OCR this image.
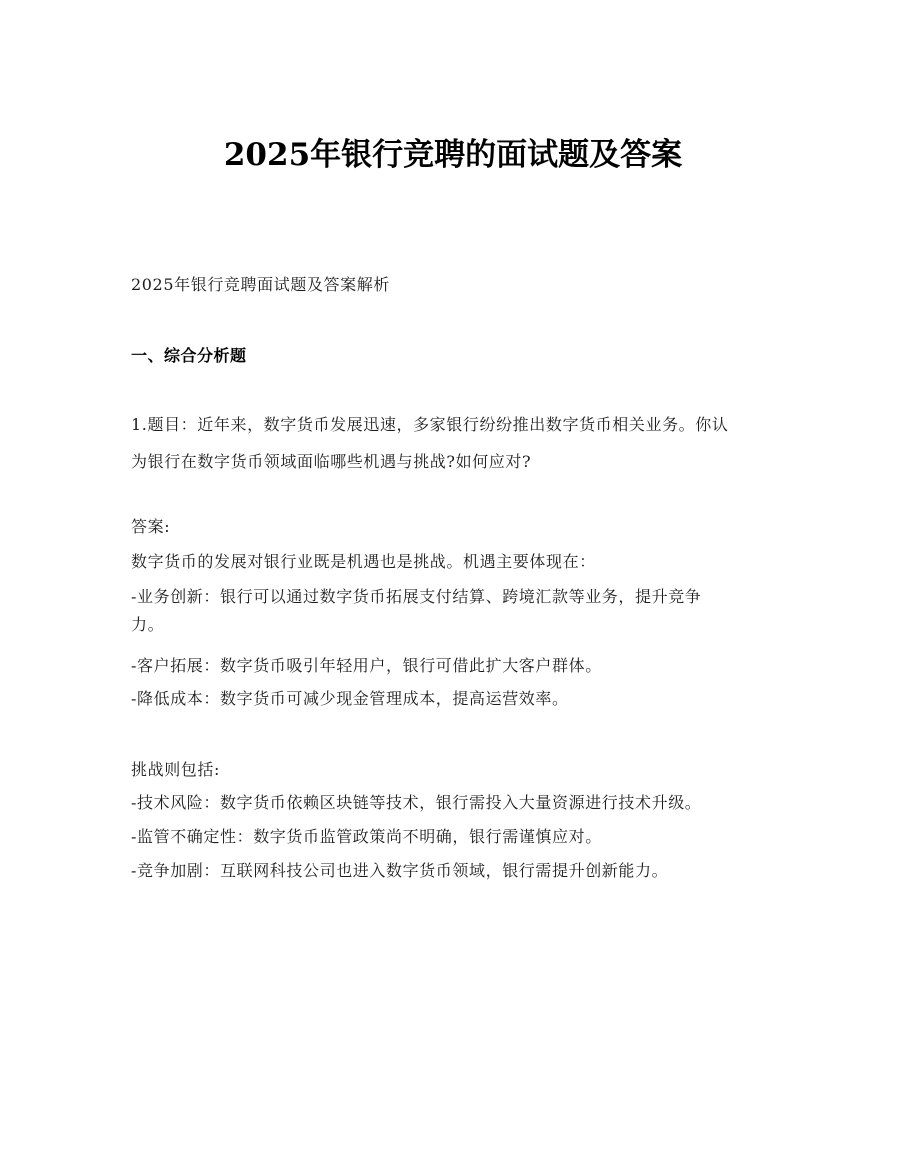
2025年银行竞聘的面试题及答案
2025年银行竞聘面试题及答案解析
一、综合分析题
1.题目：近年来，数字货币发展迅速，多家银行纷纷推出数字货币相关业务。你认
为银行在数字货币领域面临哪些机遇与挑战?如何应对?
答案:
数字货币的发展对银行业既是机遇也是挑战。机遇主要体现在：
-业务创新：银行可以通过数字货币拓展支付结算、跨境汇款等业务，提升竞争
力。
-客户拓展：数字货币吸引年轻用户，银行可借此扩大客户群体。
-降低成本：数字货币可减少现金管理成本，提高运营效率。
挑战则包括:
-技术风险：数字货币依赖区块链等技术，银行需投入大量资源进行技术升级。
-监管不确定性：数字货币监管政策尚不明确，银行需谨慎应对。
-竞争加剧：互联网科技公司也进入数字货币领域，银行需提升创新能力。
